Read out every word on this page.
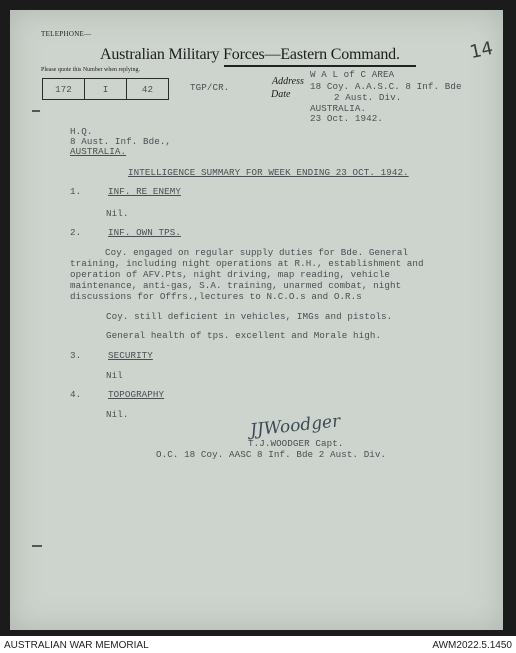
TELEPHONE—
Australian Military Forces—Eastern Command.
Please quote this Number when replying.
172	I	42	TGP/CR.
Address
Date
W A L of C AREA
18 Coy. A.A.S.C. 8 Inf. Bde
2 Aust. Div.
AUSTRALIA.
23 Oct. 1942.
14
H.Q.
8 Aust. Inf. Bde.,
AUSTRALIA.
INTELLIGENCE SUMMARY FOR WEEK ENDING 23 OCT. 1942.
1.	INF. RE ENEMY
Nil.
2.	INF. OWN TPS.
Coy. engaged on regular supply duties for Bde. General training, including night operations at R.H., establishment and operation of AFV.Pts, night driving, map reading, vehicle maintenance, anti-gas, S.A. training, unarmed combat, night discussions for Offrs.,lectures to N.C.O.s and O.R.s
Coy. still deficient in vehicles, IMGs and pistols.
General health of tps. excellent and Morale high.
3.	SECURITY
Nil
4.	TOPOGRAPHY
Nil.	JJWoodger
T.J.WOODGER Capt.
O.C. 18 Coy. AASC 8 Inf. Bde 2 Aust. Div.
AUSTRALIAN WAR MEMORIAL	AWM2022.5.1450
